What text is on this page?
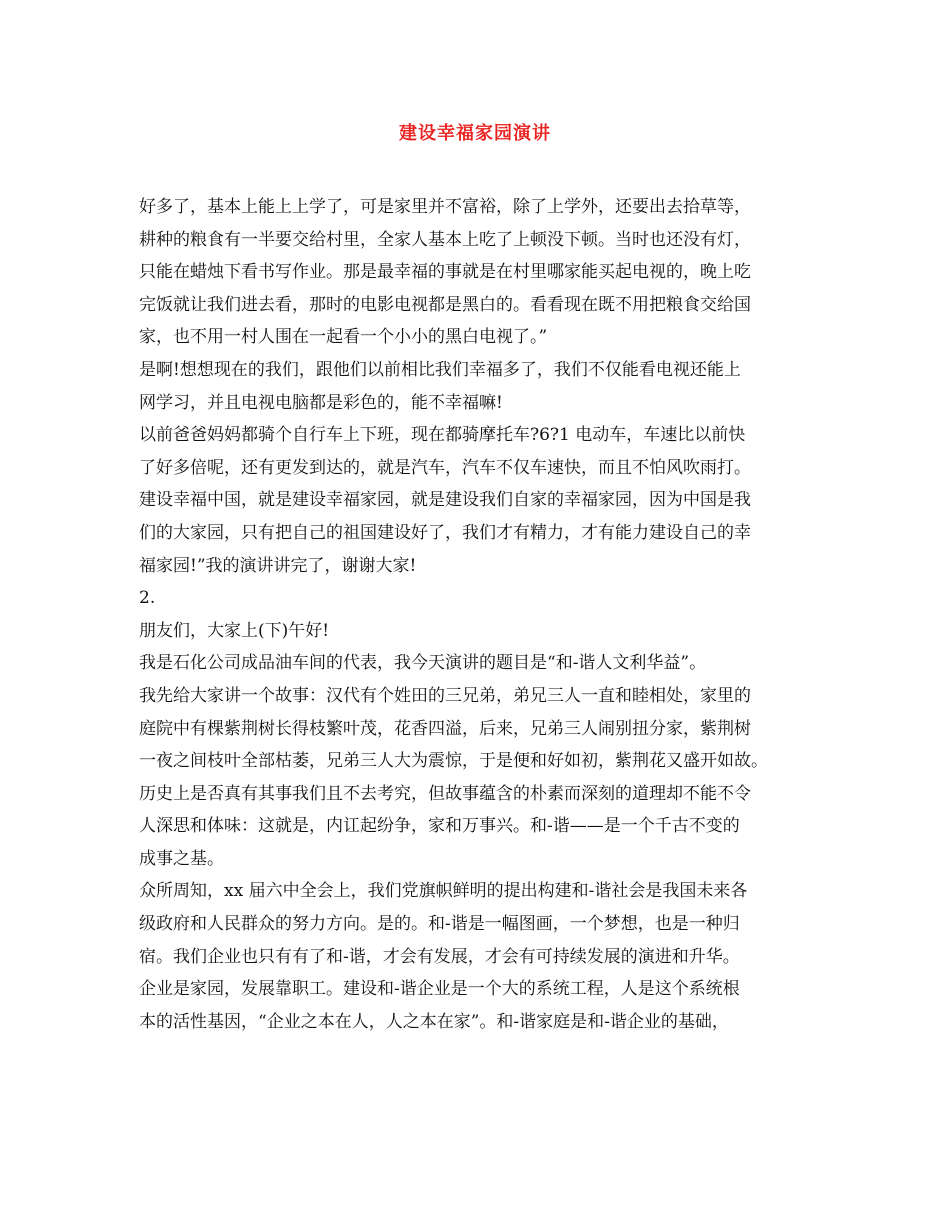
建设幸福家园演讲
好多了，基本上能上上学了，可是家里并不富裕，除了上学外，还要出去拾草等，
耕种的粮食有一半要交给村里，全家人基本上吃了上顿没下顿。当时也还没有灯，
只能在蜡烛下看书写作业。那是最幸福的事就是在村里哪家能买起电视的，晚上吃
完饭就让我们进去看，那时的电影电视都是黑白的。看看现在既不用把粮食交给国
家，也不用一村人围在一起看一个小小的黑白电视了。”
是啊!想想现在的我们，跟他们以前相比我们幸福多了，我们不仅能看电视还能上
网学习，并且电视电脑都是彩色的，能不幸福嘛!
以前爸爸妈妈都骑个自行车上下班，现在都骑摩托车?6?1 电动车，车速比以前快
了好多倍呢，还有更发到达的，就是汽车，汽车不仅车速快，而且不怕风吹雨打。
建设幸福中国，就是建设幸福家园，就是建设我们自家的幸福家园，因为中国是我
们的大家园，只有把自己的祖国建设好了，我们才有精力，才有能力建设自己的幸
福家园!”我的演讲讲完了，谢谢大家!
2.
朋友们，大家上(下)午好!
我是石化公司成品油车间的代表，我今天演讲的题目是“和-谐人文利华益”。
我先给大家讲一个故事：汉代有个姓田的三兄弟，弟兄三人一直和睦相处，家里的
庭院中有棵紫荆树长得枝繁叶茂，花香四溢，后来，兄弟三人闹别扭分家，紫荆树
一夜之间枝叶全部枯萎，兄弟三人大为震惊，于是便和好如初，紫荆花又盛开如故。
历史上是否真有其事我们且不去考究，但故事蕴含的朴素而深刻的道理却不能不令
人深思和体味：这就是，内讧起纷争，家和万事兴。和-谐——是一个千古不变的
成事之基。
众所周知，xx 届六中全会上，我们党旗帜鲜明的提出构建和-谐社会是我国未来各
级政府和人民群众的努力方向。是的。和-谐是一幅图画，一个梦想，也是一种归
宿。我们企业也只有有了和-谐，才会有发展，才会有可持续发展的演进和升华。
企业是家园，发展靠职工。建设和-谐企业是一个大的系统工程，人是这个系统根
本的活性基因，“企业之本在人，人之本在家”。和-谐家庭是和-谐企业的基础，
